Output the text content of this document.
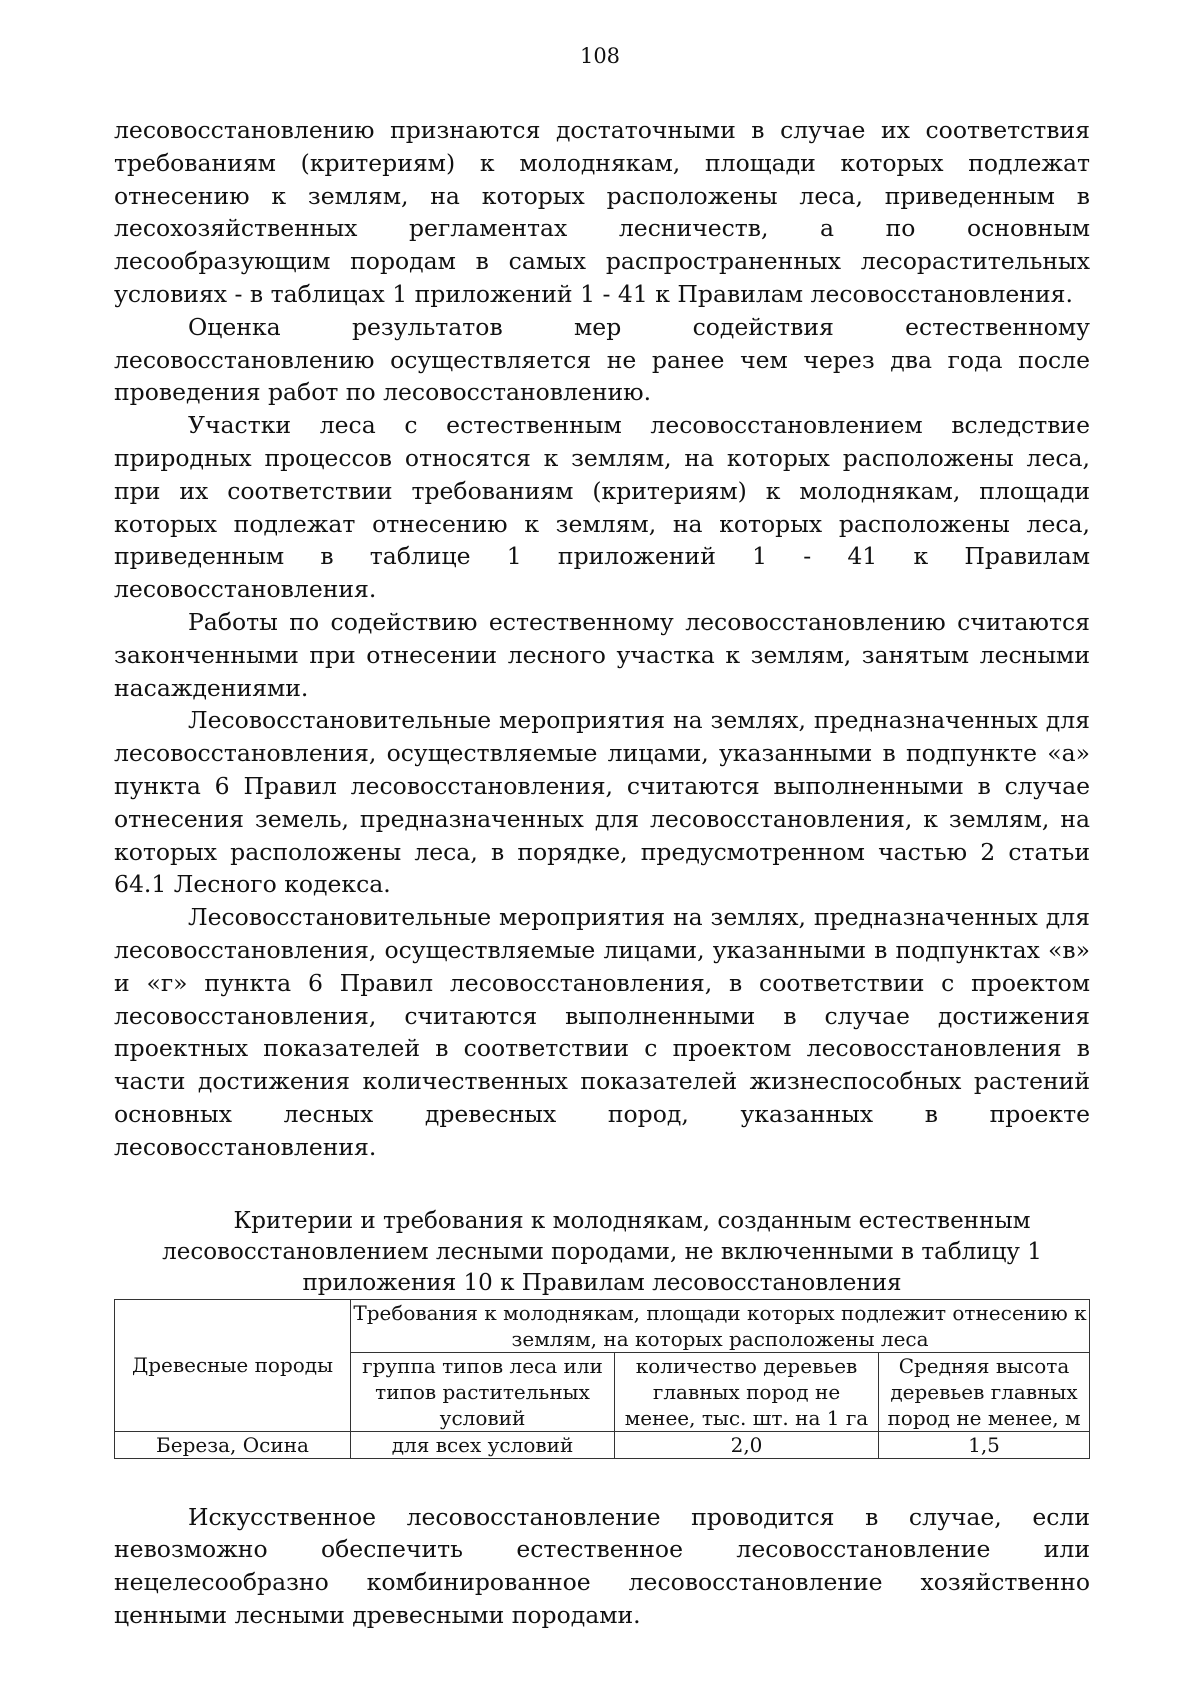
108

лесовосстановлению признаются достаточными в случае их соответствия требованиям (критериям) к молоднякам, площади которых подлежат отнесению к землям, на которых расположены леса, приведенным в лесохозяйственных регламентах лесничеств, а по основным лесообразующим породам в самых распространенных лесорастительных условиях - в таблицах 1 приложений 1 - 41 к Правилам лесовосстановления.

Оценка результатов мер содействия естественному лесовосстановлению осуществляется не ранее чем через два года после проведения работ по лесовосстановлению.

Участки леса с естественным лесовосстановлением вследствие природных процессов относятся к землям, на которых расположены леса, при их соответствии требованиям (критериям) к молоднякам, площади которых подлежат отнесению к землям, на которых расположены леса, приведенным в таблице 1 приложений 1 - 41 к Правилам лесовосстановления.

Работы по содействию естественному лесовосстановлению считаются законченными при отнесении лесного участка к землям, занятым лесными насаждениями.

Лесовосстановительные мероприятия на землях, предназначенных для лесовосстановления, осуществляемые лицами, указанными в подпункте «а» пункта 6 Правил лесовосстановления, считаются выполненными в случае отнесения земель, предназначенных для лесовосстановления, к землям, на которых расположены леса, в порядке, предусмотренном частью 2 статьи 64.1 Лесного кодекса.

Лесовосстановительные мероприятия на землях, предназначенных для лесовосстановления, осуществляемые лицами, указанными в подпунктах «в» и «г» пункта 6 Правил лесовосстановления, в соответствии с проектом лесовосстановления, считаются выполненными в случае достижения проектных показателей в соответствии с проектом лесовосстановления в части достижения количественных показателей жизнеспособных растений основных лесных древесных пород, указанных в проекте лесовосстановления.

Критерии и требования к молоднякам, созданным естественным
лесовосстановлением лесными породами, не включенными в таблицу 1
приложения 10 к Правилам лесовосстановления
Древесные породы	Требования к молоднякам, площади которых подлежит отнесению к землям, на которых расположены леса		
	группа типов леса или типов растительных условий	количество деревьев главных пород не менее, тыс. шт. на 1 га	Средняя высота деревьев главных пород не менее, м
Береза, Осина	для всех условий	2,0	1,5

Искусственное лесовосстановление проводится в случае, если невозможно обеспечить естественное лесовосстановление или нецелесообразно комбинированное лесовосстановление хозяйственно ценными лесными древесными породами.
